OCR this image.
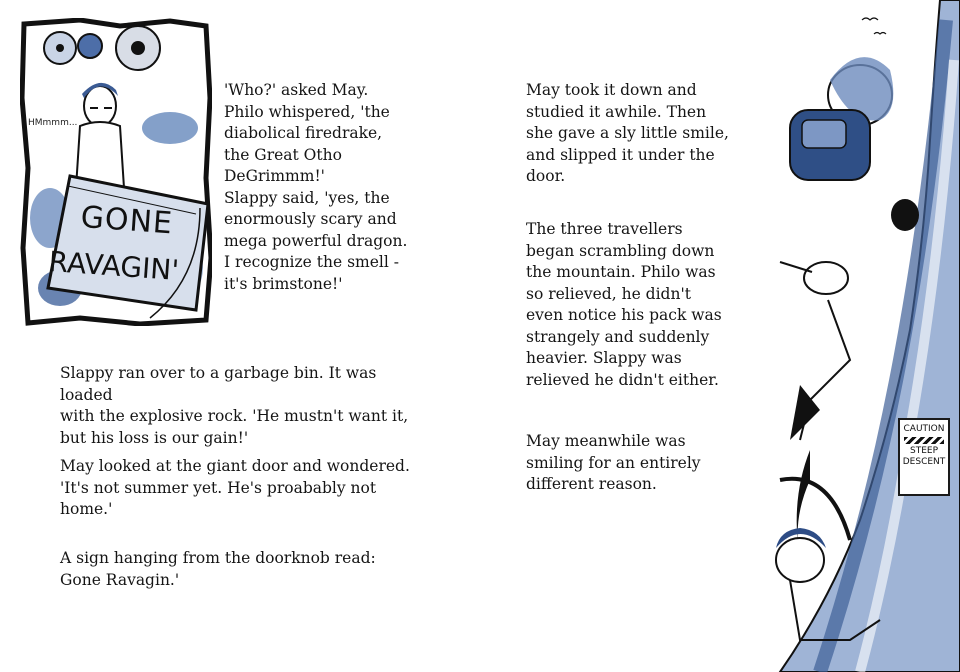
HMmmm...
GONE
RAVAGIN'
'Who?' asked May.
Philo whispered, 'the
diabolical firedrake,
the Great Otho
DeGrimmm!'
Slappy said, 'yes, the
enormously scary and
mega powerful dragon.
I recognize the smell -
it's brimstone!'
Slappy ran over to a garbage bin. It was loaded
with the explosive rock. 'He mustn't want it,
but his loss is our gain!'
May looked at the giant door and wondered.
'It's not summer yet. He's proabably not
home.'
A sign hanging from the doorknob read:
Gone Ravagin.'
May took it down and
studied it awhile. Then
she gave a sly little smile,
and slipped it under the
door.
The three travellers
began scrambling down
the mountain. Philo was
so relieved, he didn't
even notice his pack was
strangely and suddenly
heavier. Slappy was
relieved he didn't either.
May meanwhile was
smiling for an entirely
different reason.
CAUTION
STEEP
DESCENT
